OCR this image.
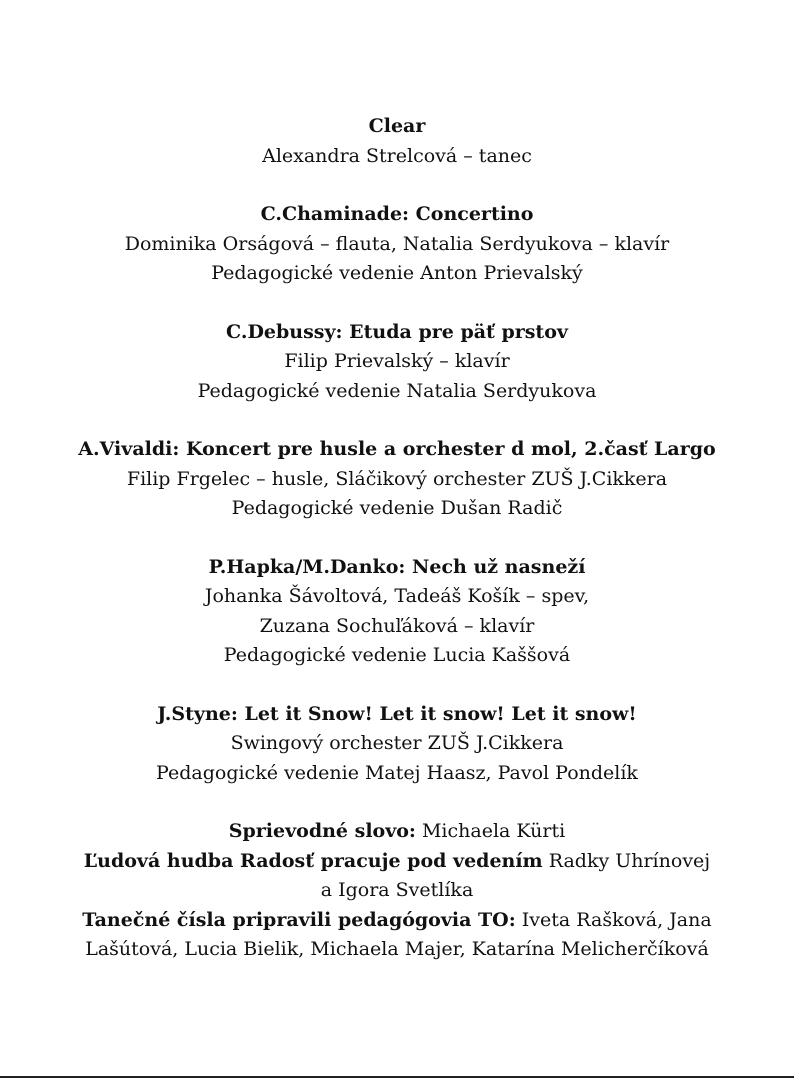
Clear
Alexandra Strelcová – tanec
C.Chaminade: Concertino
Dominika Orságová – flauta, Natalia Serdyukova – klavír
Pedagogické vedenie Anton Prievalský
C.Debussy: Etuda pre päť prstov
Filip Prievalský – klavír
Pedagogické vedenie Natalia Serdyukova
A.Vivaldi: Koncert pre husle a orchester d mol, 2.časť Largo
Filip Frgelec – husle, Sláčikový orchester ZUŠ J.Cikkera
Pedagogické vedenie Dušan Radič
P.Hapka/M.Danko: Nech už nasneží
Johanka Šávoltová, Tadeáš Košík – spev,
Zuzana Sochuľáková – klavír
Pedagogické vedenie Lucia Kaššová
J.Styne: Let it Snow! Let it snow! Let it snow!
Swingový orchester ZUŠ J.Cikkera
Pedagogické vedenie Matej Haasz, Pavol Pondelík
Sprievodné slovo: Michaela Kürti
Ľudová hudba Radosť pracuje pod vedením Radky Uhrínovej
a Igora Svetlíka
Tanečné čísla pripravili pedagógovia TO: Iveta Rašková, Jana
Lašútová, Lucia Bielik, Michaela Majer, Katarína Melicherčíková
